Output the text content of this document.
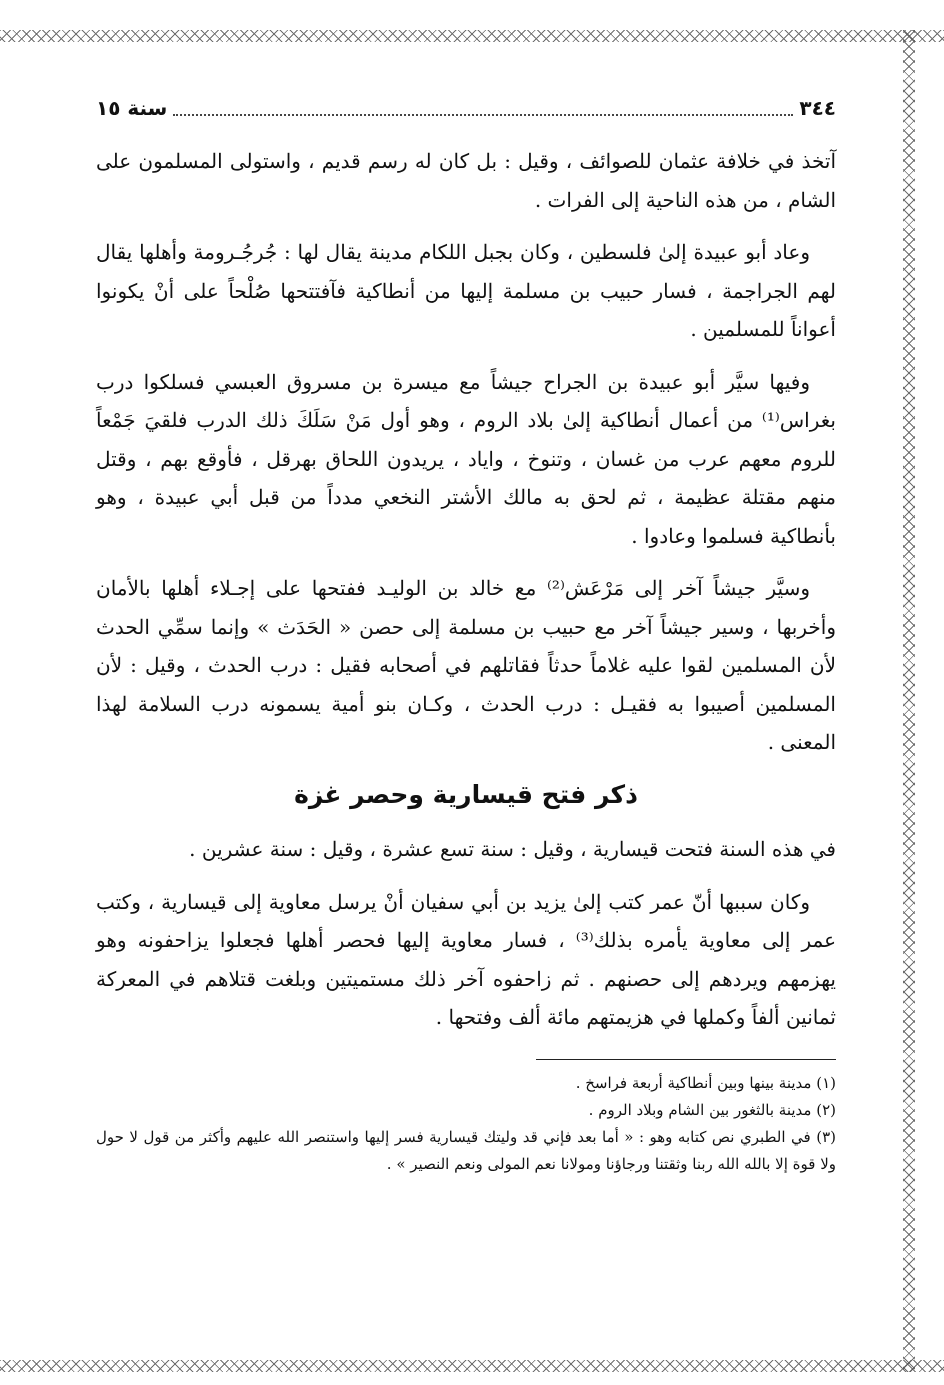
٣٤٤
سنة ١٥

آتخذ في خلافة عثمان للصوائف ، وقيل : بل كان له رسم قديم ، واستولى المسلمون على الشام ، من هذه الناحية إلى الفرات .

وعاد أبو عبيدة إلىٰ فلسطين ، وكان بجبل اللكام مدينة يقال لها : جُرجُـرومة وأهلها يقال لهم الجراجمة ، فسار حبيب بن مسلمة إليها من أنطاكية فآفتتحها صُلْحاً على أنْ يكونوا أعواناً للمسلمين .

وفيها سيَّر أبو عبيدة بن الجراح جيشاً مع ميسرة بن مسروق العبسي فسلكوا درب بغراس⁽¹⁾ من أعمال أنطاكية إلىٰ بلاد الروم ، وهو أول مَنْ سَلَكَ ذلك الدرب فلقيَ جَمْعاً للروم معهم عرب من غسان ، وتنوخ ، واياد ، يريدون اللحاق بهرقل ، فأوقع بهم ، وقتل منهم مقتلة عظيمة ، ثم لحق به مالك الأشتر النخعي مدداً من قبل أبي عبيدة ، وهو بأنطاكية فسلموا وعادوا .

وسيَّر جيشاً آخر إلى مَرْعَش⁽²⁾ مع خالد بن الوليـد ففتحها على إجـلاء أهلها بالأمان وأخربها ، وسير جيشاً آخر مع حبيب بن مسلمة إلى حصن « الحَدَث » وإنما سمِّي الحدث لأن المسلمين لقوا عليه غلاماً حدثاً فقاتلهم في أصحابه فقيل : درب الحدث ، وقيل : لأن المسلمين أصيبوا به فقيـل : درب الحدث ، وكـان بنو أمية يسمونه درب السلامة لهذا المعنى .

ذكر فتح قيسارية وحصر غزة

في هذه السنة فتحت قيسارية ، وقيل : سنة تسع عشرة ، وقيل : سنة عشرين .

وكان سببها أنّ عمر كتب إلىٰ يزيد بن أبي سفيان أنْ يرسل معاوية إلى قيسارية ، وكتب عمر إلى معاوية يأمره بذلك⁽³⁾ ، فسار معاوية إليها فحصر أهلها فجعلوا يزاحفونه وهو يهزمهم ويردهم إلى حصنهم . ثم زاحفوه آخر ذلك مستميتين وبلغت قتلاهم في المعركة ثمانين ألفاً وكملها في هزيمتهم مائة ألف وفتحها .

(١) مدينة بينها وبين أنطاكية أربعة فراسخ .

(٢) مدينة بالثغور بين الشام وبلاد الروم .

(٣) في الطبري نص كتابه وهو : « أما بعد فإني قد وليتك قيسارية فسر إليها واستنصر الله عليهم وأكثر من قول لا حول ولا قوة إلا بالله الله ربنا وثقتنا ورجاؤنا ومولانا نعم المولى ونعم النصير » .
